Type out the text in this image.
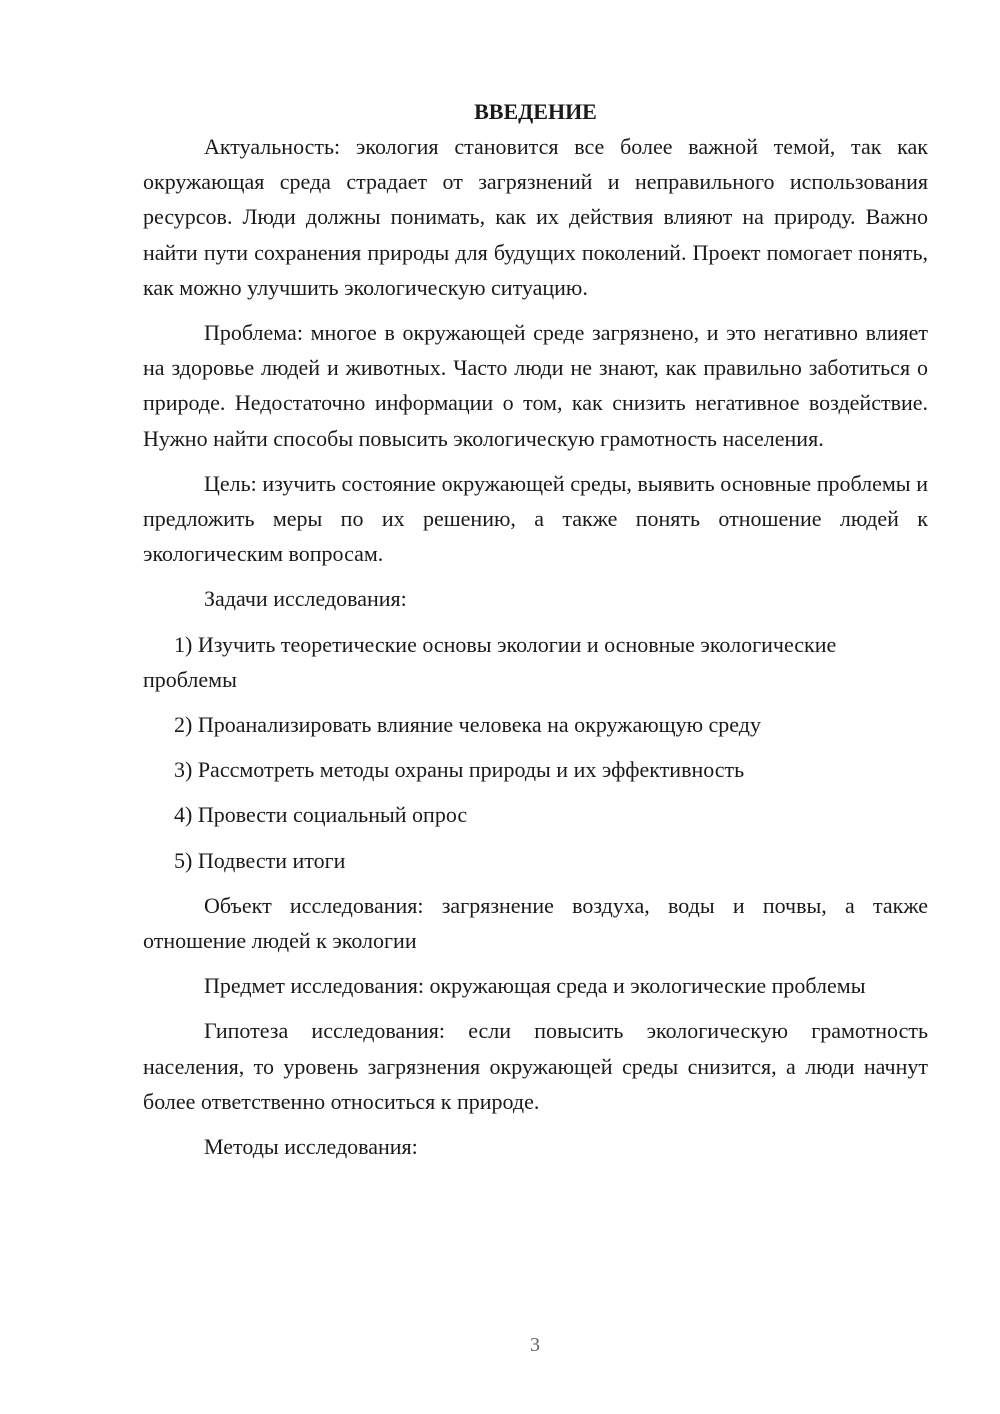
ВВЕДЕНИЕ

Актуальность: экология становится все более важной темой, так как окружающая среда страдает от загрязнений и неправильного использования ресурсов. Люди должны понимать, как их действия влияют на природу. Важно найти пути сохранения природы для будущих поколений. Проект помогает понять, как можно улучшить экологическую ситуацию.

Проблема: многое в окружающей среде загрязнено, и это негативно влияет на здоровье людей и животных. Часто люди не знают, как правильно заботиться о природе. Недостаточно информации о том, как снизить негативное воздействие. Нужно найти способы повысить экологическую грамотность населения.

Цель: изучить состояние окружающей среды, выявить основные проблемы и предложить меры по их решению, а также понять отношение людей к экологическим вопросам.

Задачи исследования:

1) Изучить теоретические основы экологии и основные экологические проблемы

2) Проанализировать влияние человека на окружающую среду

3) Рассмотреть методы охраны природы и их эффективность

4) Провести социальный опрос

5) Подвести итоги

Объект исследования: загрязнение воздуха, воды и почвы, а также отношение людей к экологии

Предмет исследования: окружающая среда и экологические проблемы

Гипотеза исследования: если повысить экологическую грамотность населения, то уровень загрязнения окружающей среды снизится, а люди начнут более ответственно относиться к природе.

Методы исследования:

3
